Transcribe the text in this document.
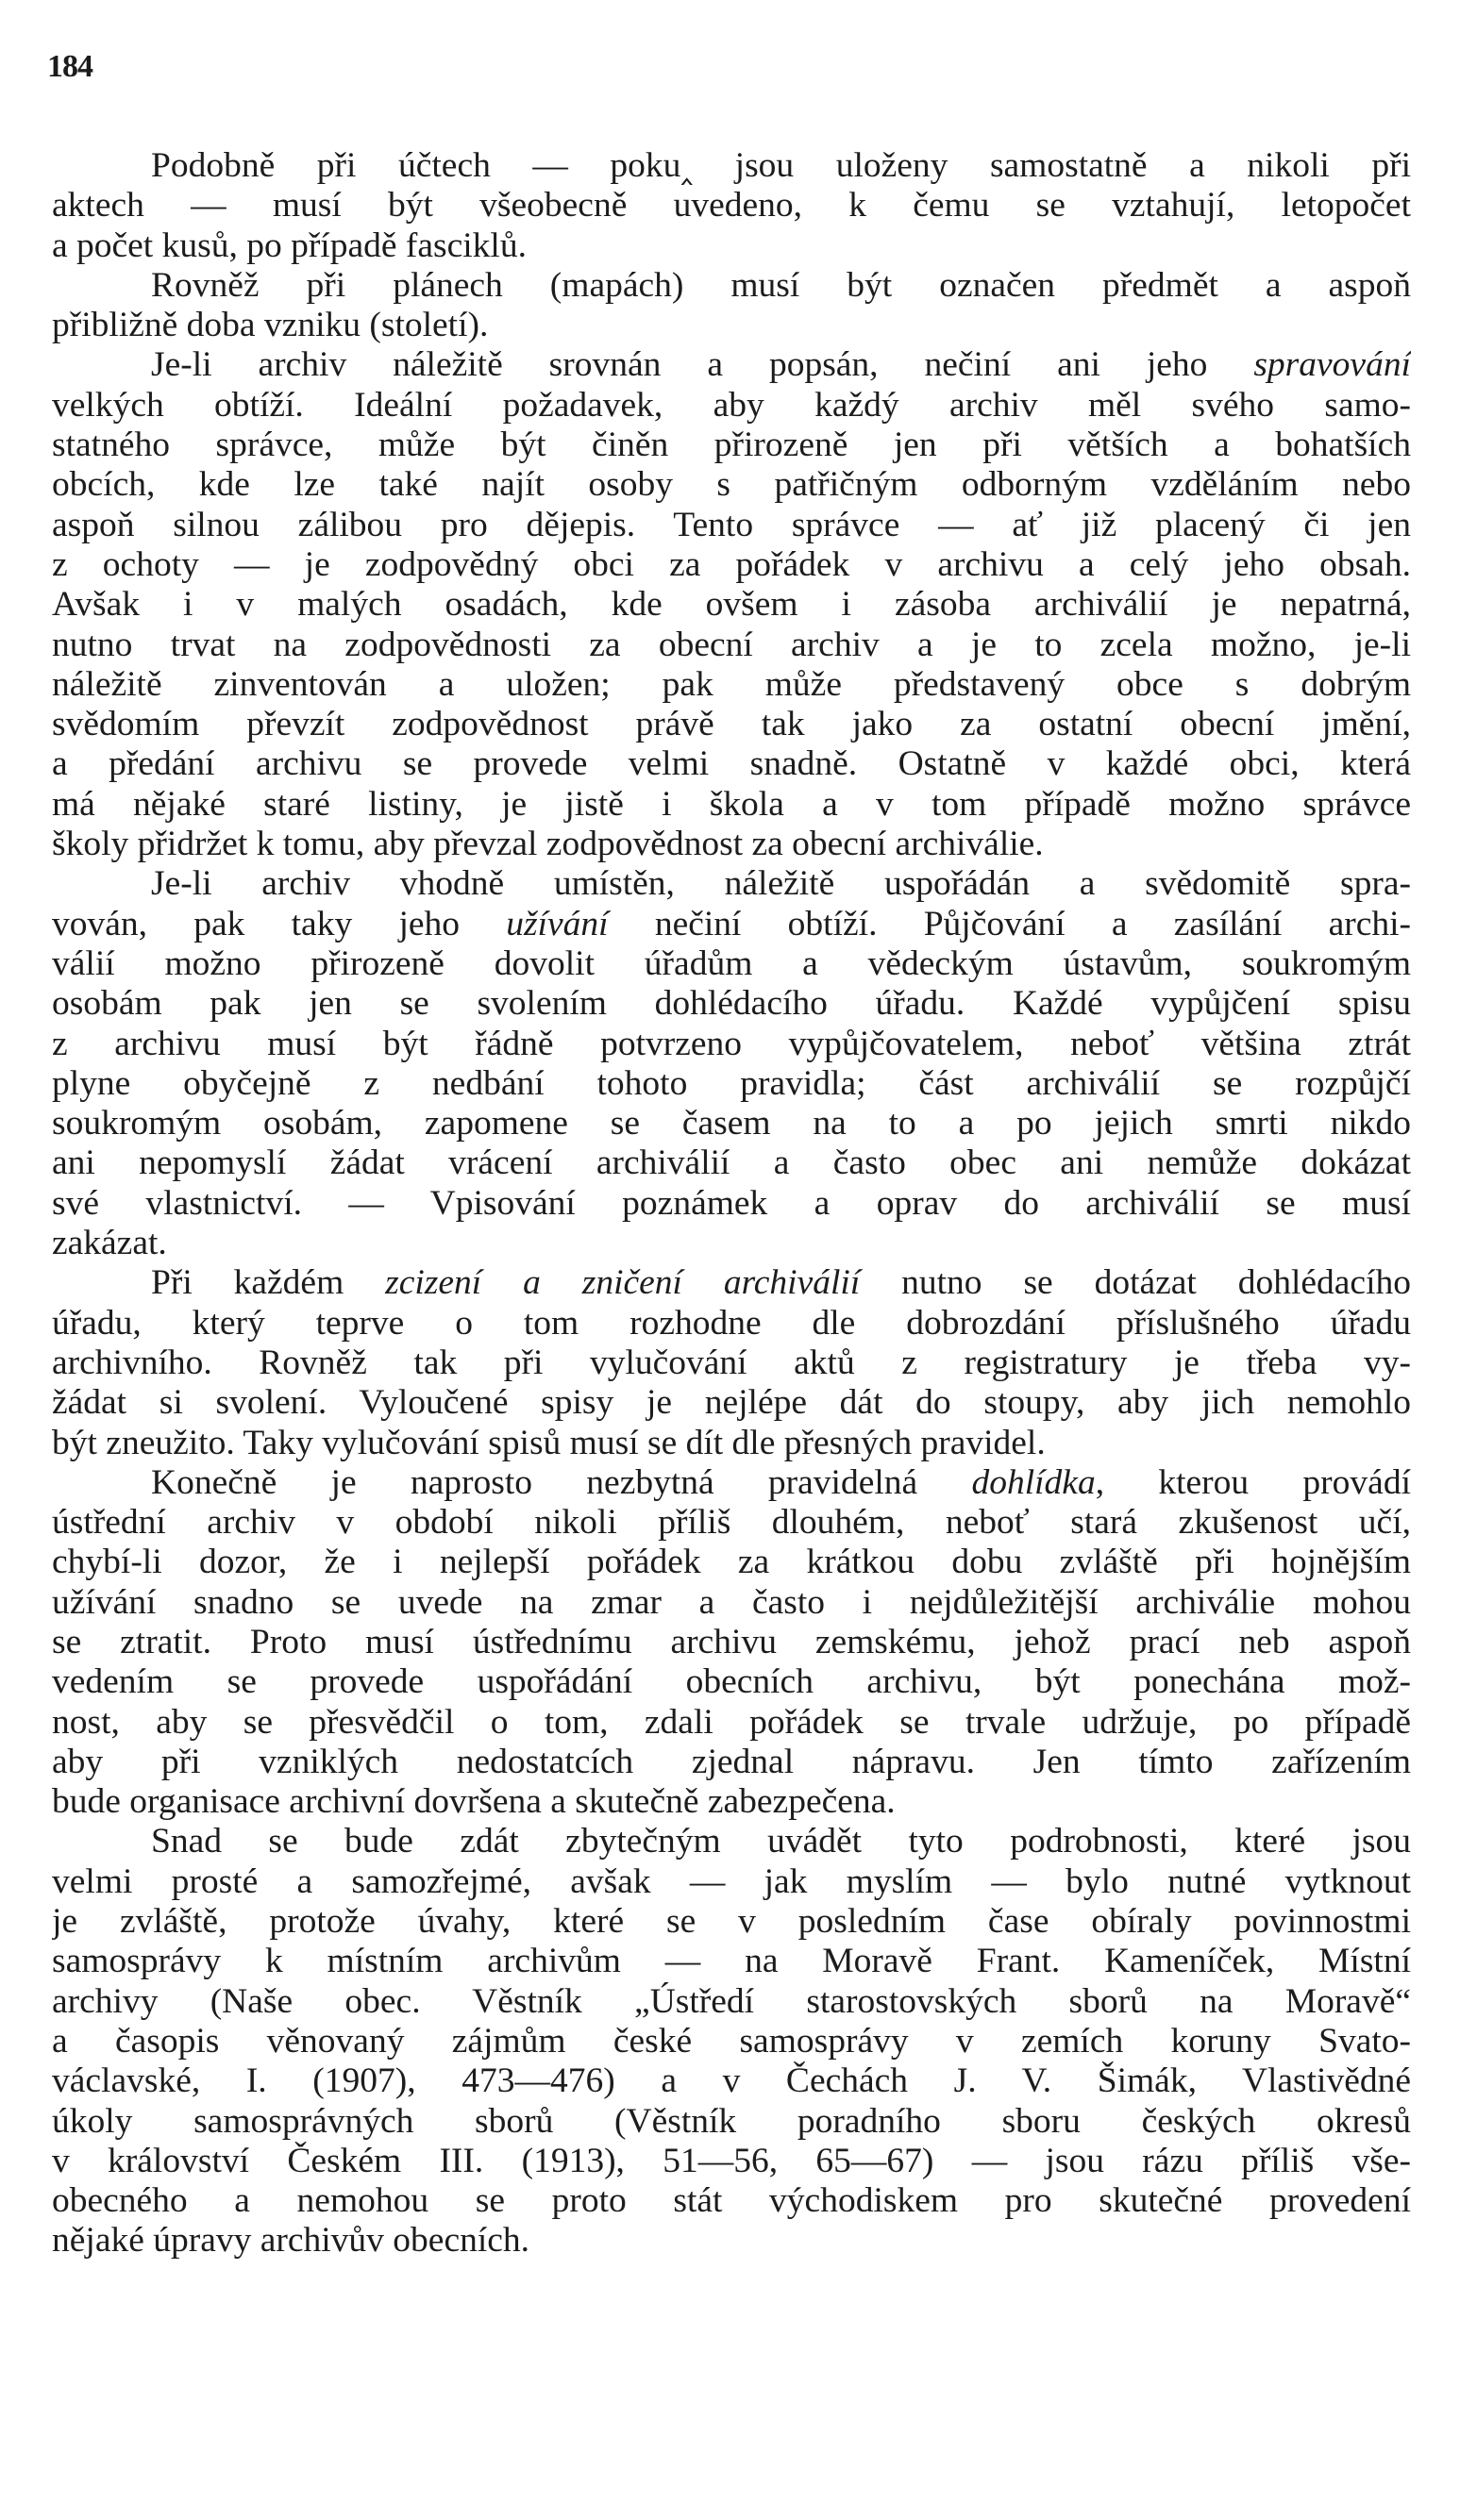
184
Podobně při účtech — poku‸ jsou uloženy samostatně a nikoli při
aktech — musí být všeobecně uvedeno, k čemu se vztahují, letopočet
a počet kusů, po případě fasciklů.
Rovněž při plánech (mapách) musí být označen předmět a aspoň
přibližně doba vzniku (století).
Je-li archiv náležitě srovnán a popsán, nečiní ani jeho spravování
velkých obtíží. Ideální požadavek, aby každý archiv měl svého samo-
statného správce, může být činěn přirozeně jen při větších a bohatších
obcích, kde lze také najít osoby s patřičným odborným vzděláním nebo
aspoň silnou zálibou pro dějepis. Tento správce — ať již placený či jen
z ochoty — je zodpovědný obci za pořádek v archivu a celý jeho obsah.
Avšak i v malých osadách, kde ovšem i zásoba archiválií je nepatrná,
nutno trvat na zodpovědnosti za obecní archiv a je to zcela možno, je-li
náležitě zinventován a uložen; pak může představený obce s dobrým
svědomím převzít zodpovědnost právě tak jako za ostatní obecní jmění,
a předání archivu se provede velmi snadně. Ostatně v každé obci, která
má nějaké staré listiny, je jistě i škola a v tom případě možno správce
školy přidržet k tomu, aby převzal zodpovědnost za obecní archiválie.
Je-li archiv vhodně umístěn, náležitě uspořádán a svědomitě spra-
vován, pak taky jeho užívání nečiní obtíží. Půjčování a zasílání archi-
válií možno přirozeně dovolit úřadům a vědeckým ústavům, soukromým
osobám pak jen se svolením dohlédacího úřadu. Každé vypůjčení spisu
z archivu musí být řádně potvrzeno vypůjčovatelem, neboť většina ztrát
plyne obyčejně z nedbání tohoto pravidla; část archiválií se rozpůjčí
soukromým osobám, zapomene se časem na to a po jejich smrti nikdo
ani nepomyslí žádat vrácení archiválií a často obec ani nemůže dokázat
své vlastnictví. — Vpisování poznámek a oprav do archiválií se musí
zakázat.
Při každém zcizení a zničení archiválií nutno se dotázat dohlédacího
úřadu, který teprve o tom rozhodne dle dobrozdání příslušného úřadu
archivního. Rovněž tak při vylučování aktů z registratury je třeba vy-
žádat si svolení. Vyloučené spisy je nejlépe dát do stoupy, aby jich nemohlo
být zneužito. Taky vylučování spisů musí se dít dle přesných pravidel.
Konečně je naprosto nezbytná pravidelná dohlídka, kterou provádí
ústřední archiv v období nikoli příliš dlouhém, neboť stará zkušenost učí,
chybí-li dozor, že i nejlepší pořádek za krátkou dobu zvláště při hojnějším
užívání snadno se uvede na zmar a často i nejdůležitější archiválie mohou
se ztratit. Proto musí ústřednímu archivu zemskému, jehož prací neb aspoň
vedením se provede uspořádání obecních archivu, být ponechána mož-
nost, aby se přesvědčil o tom, zdali pořádek se trvale udržuje, po případě
aby při vzniklých nedostatcích zjednal nápravu. Jen tímto zařízením
bude organisace archivní dovršena a skutečně zabezpečena.
Snad se bude zdát zbytečným uvádět tyto podrobnosti, které jsou
velmi prosté a samozřejmé, avšak — jak myslím — bylo nutné vytknout
je zvláště, protože úvahy, které se v posledním čase obíraly povinnostmi
samosprávy k místním archivům — na Moravě Frant. Kameníček, Místní
archivy (Naše obec. Věstník „Ústředí starostovských sborů na Moravě“
a časopis věnovaný zájmům české samosprávy v zemích koruny Svato-
václavské, I. (1907), 473—476) a v Čechách J. V. Šimák, Vlastivědné
úkoly samosprávných sborů (Věstník poradního sboru českých okresů
v království Českém III. (1913), 51—56, 65—67) — jsou rázu příliš vše-
obecného a nemohou se proto stát východiskem pro skutečné provedení
nějaké úpravy archivův obecních.
